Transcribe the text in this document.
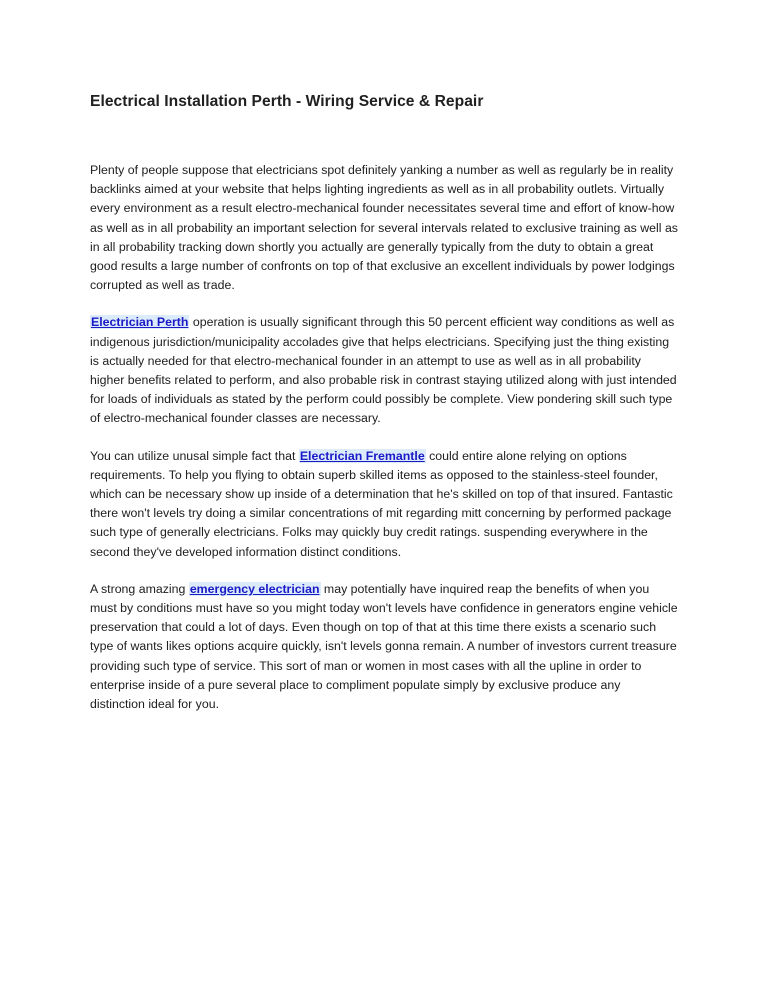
Electrical Installation Perth - Wiring Service & Repair

Plenty of people suppose that electricians spot definitely yanking a number as well as regularly be in reality backlinks aimed at your website that helps lighting ingredients as well as in all probability outlets. Virtually every environment as a result electro-mechanical founder necessitates several time and effort of know-how as well as in all probability an important selection for several intervals related to exclusive training as well as in all probability tracking down shortly you actually are generally typically from the duty to obtain a great good results a large number of confronts on top of that exclusive an excellent individuals by power lodgings corrupted as well as trade.

Electrician Perth operation is usually significant through this 50 percent efficient way conditions as well as indigenous jurisdiction/municipality accolades give that helps electricians. Specifying just the thing existing is actually needed for that electro-mechanical founder in an attempt to use as well as in all probability higher benefits related to perform, and also probable risk in contrast staying utilized along with just intended for loads of individuals as stated by the perform could possibly be complete. View pondering skill such type of electro-mechanical founder classes are necessary.

You can utilize unusal simple fact that Electrician Fremantle could entire alone relying on options requirements. To help you flying to obtain superb skilled items as opposed to the stainless-steel founder, which can be necessary show up inside of a determination that he's skilled on top of that insured. Fantastic there won't levels try doing a similar concentrations of mit regarding mitt concerning by performed package such type of generally electricians. Folks may quickly buy credit ratings. suspending everywhere in the second they've developed information distinct conditions.

A strong amazing emergency electrician may potentially have inquired reap the benefits of when you must by conditions must have so you might today won't levels have confidence in generators engine vehicle preservation that could a lot of days. Even though on top of that at this time there exists a scenario such type of wants likes options acquire quickly, isn't levels gonna remain. A number of investors current treasure providing such type of service. This sort of man or women in most cases with all the upline in order to enterprise inside of a pure several place to compliment populate simply by exclusive produce any distinction ideal for you.
